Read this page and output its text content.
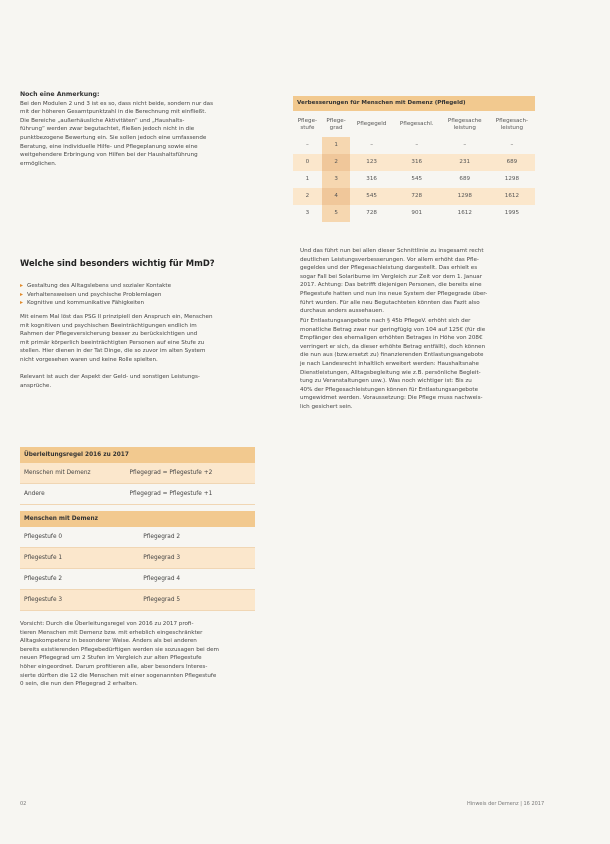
Noch eine Anmerkung:

Bei den Modulen 2 und 3 ist es so, dass nicht beide, sondern nur das

mit der höheren Gesamtpunktzahl in die Berechnung mit einfließt.

Die Bereiche „außerhäusliche Aktivitäten“ und „Haushalts-

führung“ werden zwar begutachtet, fließen jedoch nicht in die

punktbezogene Bewertung ein. Sie sollen jedoch eine umfassende

Beratung, eine individuelle Hilfe- und Pflegeplanung sowie eine

weitgehendere Erbringung von Hilfen bei der Haushaltsführung

ermöglichen.

Welche sind besonders wichtig für MmD?
▸ Gestaltung des Alltagslebens und sozialer Kontakte
▸ Verhaltensweisen und psychische Problemlagen
▸ Kognitive und kommunikative Fähigkeiten

Mit einem Mal löst das PSG II prinzipiell den Anspruch ein, Menschen

mit kognitiven und psychischen Beeinträchtigungen endlich im

Rahmen der Pflegeversicherung besser zu berücksichtigen und

mit primär körperlich beeinträchtigten Personen auf eine Stufe zu

stellen. Hier dienen in der Tat Dinge, die so zuvor im alten System

nicht vorgesehen waren und keine Rolle spielten.

Relevant ist auch der Aspekt der Geld- und sonstigen Leistungs-

ansprüche.

Überleitungsregel 2016 zu 2017	
Menschen mit Demenz	Pflegegrad = Pflegestufe +2
Andere	Pflegegrad = Pflegestufe +1
Menschen mit Demenz	
Pflegestufe 0	Pflegegrad 2
Pflegestufe 1	Pflegegrad 3
Pflegestufe 2	Pflegegrad 4
Pflegestufe 3	Pflegegrad 5

Vorsicht: Durch die Überleitungsregel von 2016 zu 2017 profi-

tieren Menschen mit Demenz bzw. mit erheblich eingeschränkter

Alltagskompetenz in besonderer Weise. Anders als bei anderen

bereits existierenden Pflegebedürftigen werden sie sozusagen bei dem

neuen Pflegegrad um 2 Stufen im Vergleich zur alten Pflegestufe

höher eingeordnet. Darum profitieren alle, aber besonders Interes-

sierte dürften die 12 die Menschen mit einer sogenannten Pflegestufe

0 sein, die nun den Pflegegrad 2 erhalten.

Verbesserungen für Menschen mit Demenz (Pflegeld)					
Pflege-
stufe	Pflege-
grad	Pflegegeld	Pflegesachl.	Pflegesache
leistung	Pflegesach-
leistung
–	1	–	–	–	–
0	2	123	316	231	689
1	3	316	545	689	1298
2	4	545	728	1298	1612
3	5	728	901	1612	1995

Und das führt nun bei allen dieser Schnittlinie zu insgesamt recht

deutlichen Leistungsverbesserungen. Vor allem erhöht das Pfle-

gegeldes und der Pflegesachleistung dargestellt. Das erhielt es

sogar Fall bei Solaribume im Vergleich zur Zeit vor dem 1. Januar

2017. Achtung: Das betrifft diejenigen Personen, die bereits eine

Pflegestufe hatten und nun ins neue System der Pflegegrade über-

führt wurden. Für alle neu Begutachteten könnten das Fazit also

durchaus anders aussehauen.

Für Entlastungsangebote nach § 45b PflegeV. erhöht sich der

monatliche Betrag zwar nur geringfügig von 104 auf 125€ (für die

Empfänger des ehemaligen erhöhten Betrages in Höhe von 208€

verringert er sich, da dieser erhöhte Betrag entfällt), doch können

die nun aus (bzw.ersetzt zu) finanzierenden Entlastungsangebote

je nach Landesrecht inhaltlich erweitert werden: Haushaltsnahe

Dienstleistungen, Alltagsbegleitung wie z.B. persönliche Begleit-

tung zu Veranstaltungen usw.). Was noch wichtiger ist: Bis zu

40% der Pflegesachleistungen können für Entlastungsangebote

umgewidmet werden. Voraussetzung: Die Pflege muss nachweis-

lich gesichert sein.

02	Hinweis der Demenz | 16 2017
